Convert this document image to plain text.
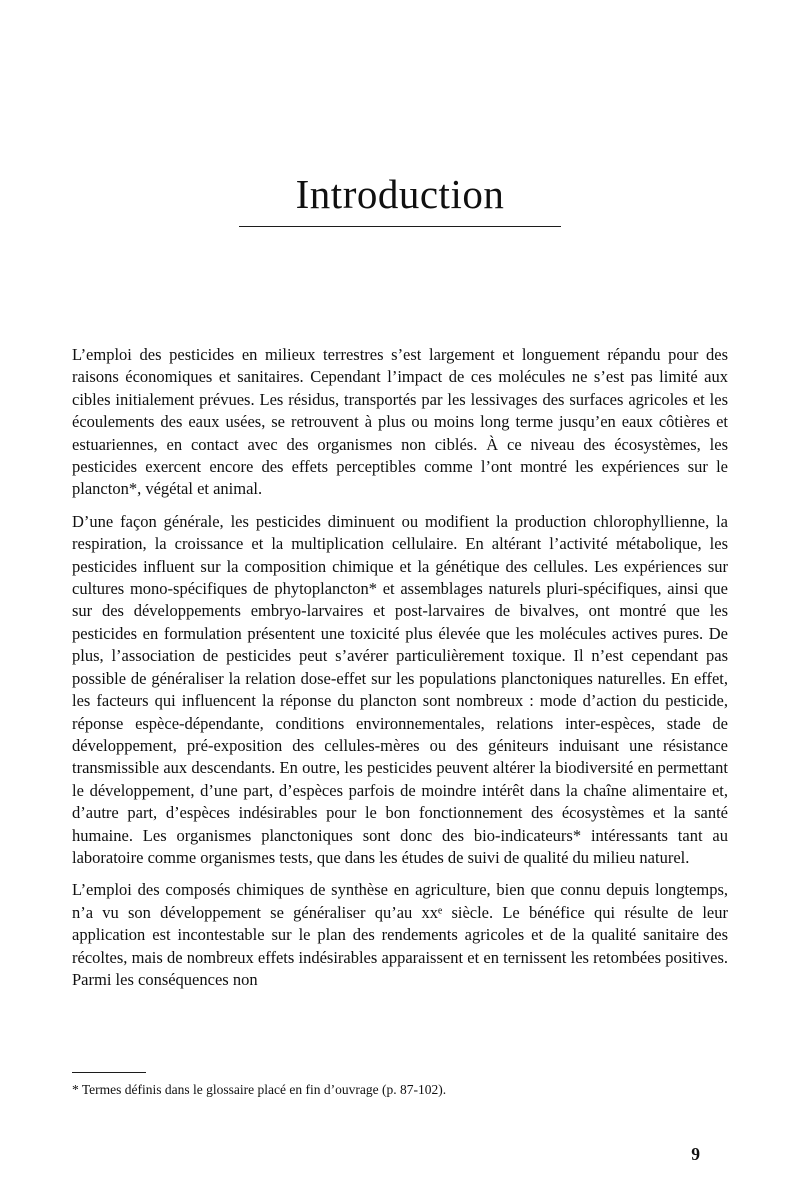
Introduction

L’emploi des pesticides en milieux terrestres s’est largement et longuement répandu pour des raisons économiques et sanitaires. Cependant l’impact de ces molécules ne s’est pas limité aux cibles initialement prévues. Les résidus, transportés par les lessivages des surfaces agricoles et les écoulements des eaux usées, se retrouvent à plus ou moins long terme jusqu’en eaux côtières et estuariennes, en contact avec des organismes non ciblés. À ce niveau des écosystèmes, les pesticides exercent encore des effets perceptibles comme l’ont montré les expériences sur le plancton*, végétal et animal.

D’une façon générale, les pesticides diminuent ou modifient la production chlorophyllienne, la respiration, la croissance et la multiplication cellulaire. En altérant l’activité métabolique, les pesticides influent sur la composition chimique et la génétique des cellules. Les expériences sur cultures mono-spécifiques de phytoplancton* et assemblages naturels pluri-spécifiques, ainsi que sur des développements embryo-larvaires et post-larvaires de bivalves, ont montré que les pesticides en formulation présentent une toxicité plus élevée que les molécules actives pures. De plus, l’association de pesticides peut s’avérer particulièrement toxique. Il n’est cependant pas possible de généraliser la relation dose-effet sur les populations planctoniques naturelles. En effet, les facteurs qui influencent la réponse du plancton sont nombreux : mode d’action du pesticide, réponse espèce-dépendante, conditions environnementales, relations inter-espèces, stade de développement, pré-exposition des cellules-mères ou des géniteurs induisant une résistance transmissible aux descendants. En outre, les pesticides peuvent altérer la biodiversité en permettant le développement, d’une part, d’espèces parfois de moindre intérêt dans la chaîne alimentaire et, d’autre part, d’espèces indésirables pour le bon fonctionnement des écosystèmes et la santé humaine. Les organismes planctoniques sont donc des bio-indicateurs* intéressants tant au laboratoire comme organismes tests, que dans les études de suivi de qualité du milieu naturel.

L’emploi des composés chimiques de synthèse en agriculture, bien que connu depuis longtemps, n’a vu son développement se généraliser qu’au xxᵉ siècle. Le bénéfice qui résulte de leur application est incontestable sur le plan des rendements agricoles et de la qualité sanitaire des récoltes, mais de nombreux effets indésirables apparaissent et en ternissent les retombées positives. Parmi les conséquences non

* Termes définis dans le glossaire placé en fin d’ouvrage (p. 87-102).

9
